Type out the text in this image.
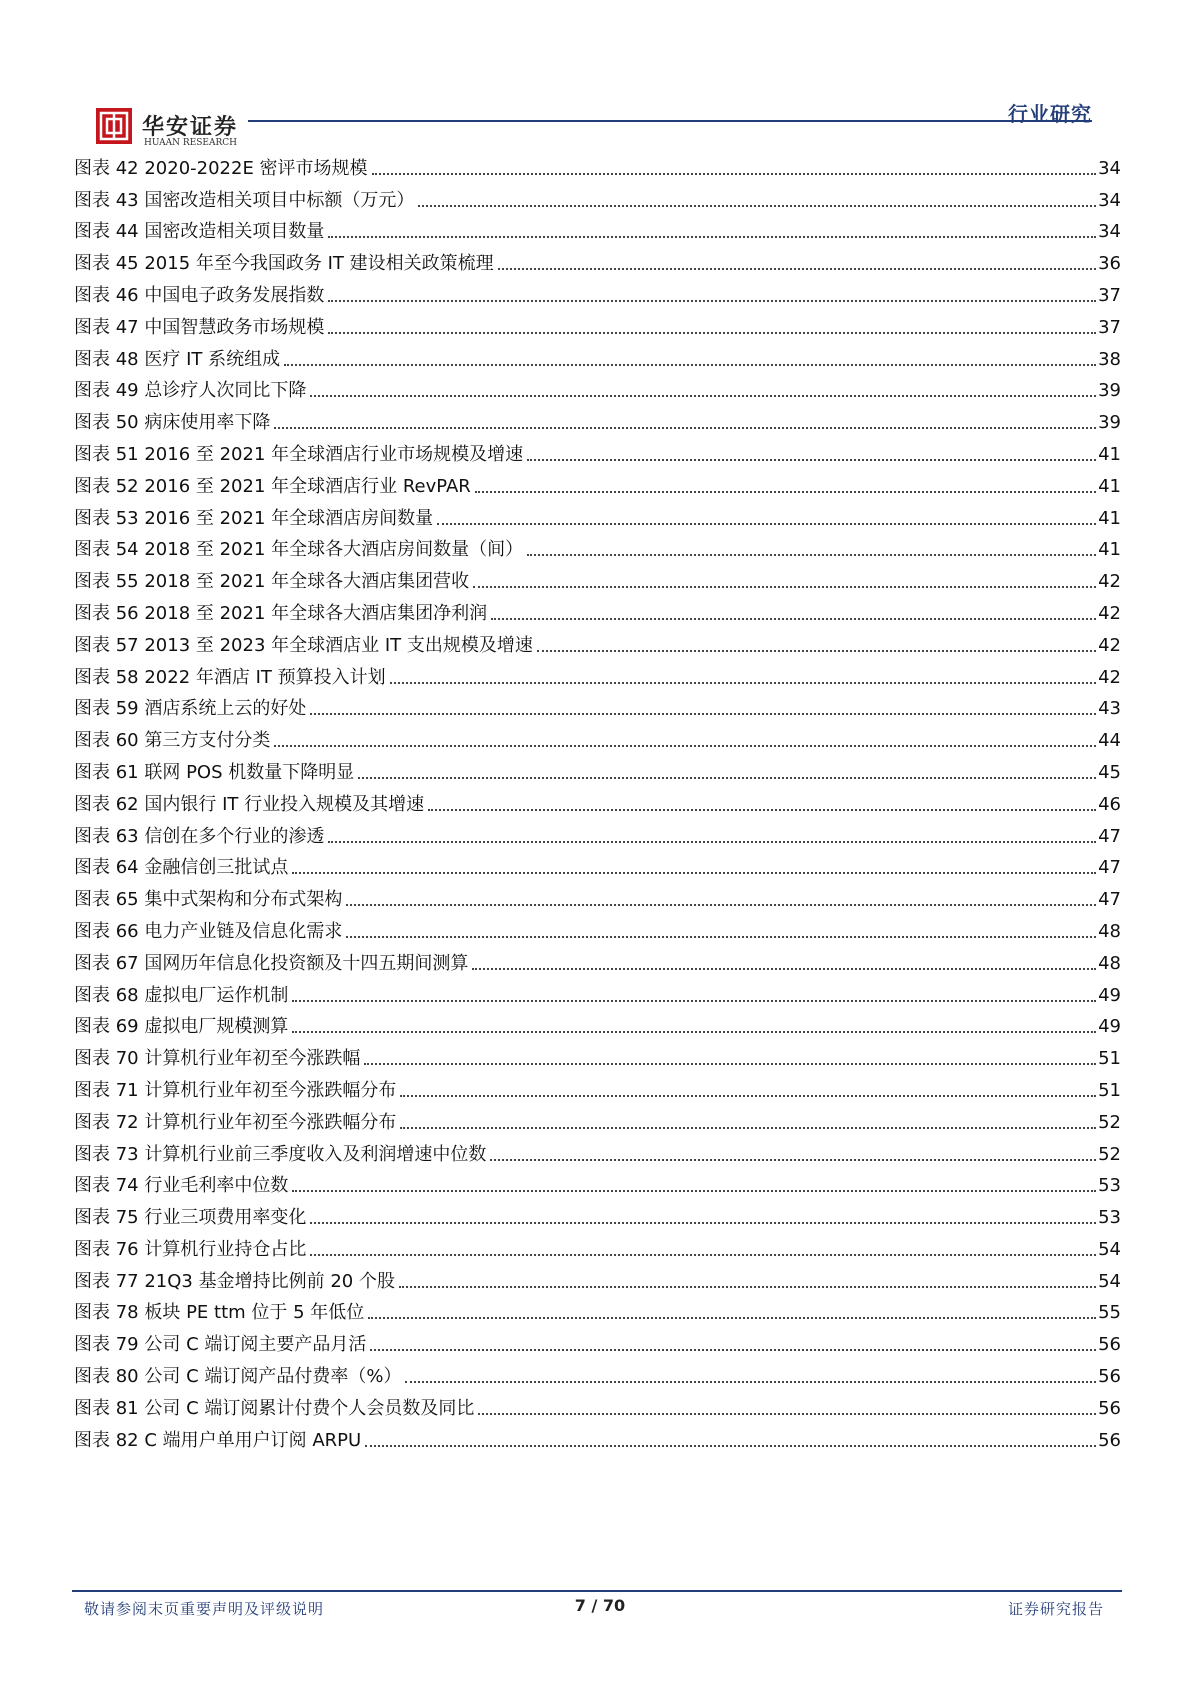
华安证券
HUAAN RESEARCH
行业研究
图表 42 2020-2022E 密评市场规模	34
图表 43 国密改造相关项目中标额（万元）	34
图表 44 国密改造相关项目数量	34
图表 45 2015 年至今我国政务 IT 建设相关政策梳理	36
图表 46 中国电子政务发展指数	37
图表 47 中国智慧政务市场规模	37
图表 48 医疗 IT 系统组成	38
图表 49 总诊疗人次同比下降	39
图表 50 病床使用率下降	39
图表 51 2016 至 2021 年全球酒店行业市场规模及增速	41
图表 52 2016 至 2021 年全球酒店行业 RevPAR	41
图表 53 2016 至 2021 年全球酒店房间数量	41
图表 54 2018 至 2021 年全球各大酒店房间数量（间）	41
图表 55 2018 至 2021 年全球各大酒店集团营收	42
图表 56 2018 至 2021 年全球各大酒店集团净利润	42
图表 57 2013 至 2023 年全球酒店业 IT 支出规模及增速	42
图表 58 2022 年酒店 IT 预算投入计划	42
图表 59 酒店系统上云的好处	43
图表 60 第三方支付分类	44
图表 61 联网 POS 机数量下降明显	45
图表 62 国内银行 IT 行业投入规模及其增速	46
图表 63 信创在多个行业的渗透	47
图表 64 金融信创三批试点	47
图表 65 集中式架构和分布式架构	47
图表 66 电力产业链及信息化需求	48
图表 67 国网历年信息化投资额及十四五期间测算	48
图表 68 虚拟电厂运作机制	49
图表 69 虚拟电厂规模测算	49
图表 70 计算机行业年初至今涨跌幅	51
图表 71 计算机行业年初至今涨跌幅分布	51
图表 72 计算机行业年初至今涨跌幅分布	52
图表 73 计算机行业前三季度收入及利润增速中位数	52
图表 74 行业毛利率中位数	53
图表 75 行业三项费用率变化	53
图表 76 计算机行业持仓占比	54
图表 77 21Q3 基金增持比例前 20 个股	54
图表 78 板块 PE ttm 位于 5 年低位	55
图表 79 公司 C 端订阅主要产品月活	56
图表 80 公司 C 端订阅产品付费率（%）	56
图表 81 公司 C 端订阅累计付费个人会员数及同比	56
图表 82 C 端用户单用户订阅 ARPU	56
敬请参阅末页重要声明及评级说明	7 / 70	证券研究报告
